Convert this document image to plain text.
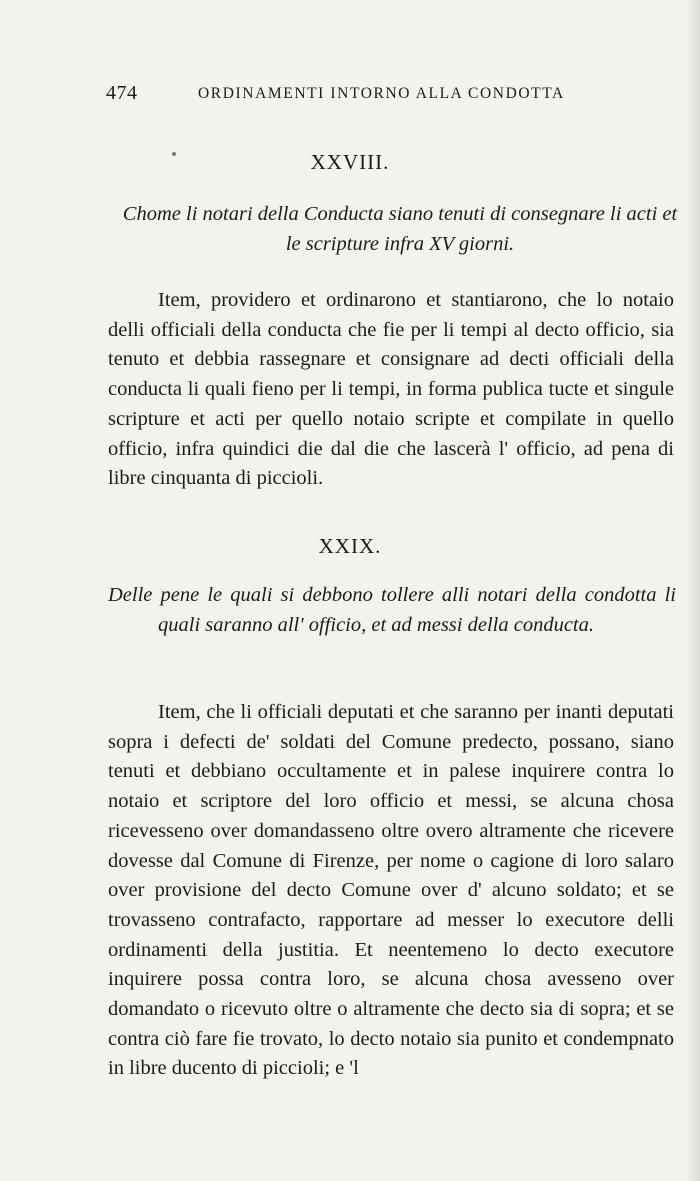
474	ORDINAMENTI INTORNO ALLA CONDOTTA
XXVIII.
Chome li notari della Conducta siano tenuti di consegnare li acti et le scripture infra XV giorni.
Item, providero et ordinarono et stantiarono, che lo notaio delli officiali della conducta che fie per li tempi al decto officio, sia tenuto et debbia rassegnare et consignare ad decti officiali della conducta li quali fieno per li tempi, in forma publica tucte et singule scripture et acti per quello notaio scripte et compilate in quello officio, infra quindici die dal die che lascerà l' officio, ad pena di libre cinquanta di piccioli.
XXIX.
Delle pene le quali si debbono tollere alli notari della condotta li quali saranno all' officio, et ad messi della conducta.
Item, che li officiali deputati et che saranno per inanti deputati sopra i defecti de' soldati del Comune predecto, possano, siano tenuti et debbiano occultamente et in palese inquirere contra lo notaio et scriptore del loro officio et messi, se alcuna chosa ricevesseno over domandasseno oltre overo altramente che ricevere dovesse dal Comune di Firenze, per nome o cagione di loro salaro over provisione del decto Comune over d' alcuno soldato; et se trovasseno contrafacto, rapportare ad messer lo executore delli ordinamenti della justitia. Et neentemeno lo decto executore inquirere possa contra loro, se alcuna chosa avesseno over domandato o ricevuto oltre o altramente che decto sia di sopra; et se contra ciò fare fie trovato, lo decto notaio sia punito et condempnato in libre ducento di piccioli; e 'l
